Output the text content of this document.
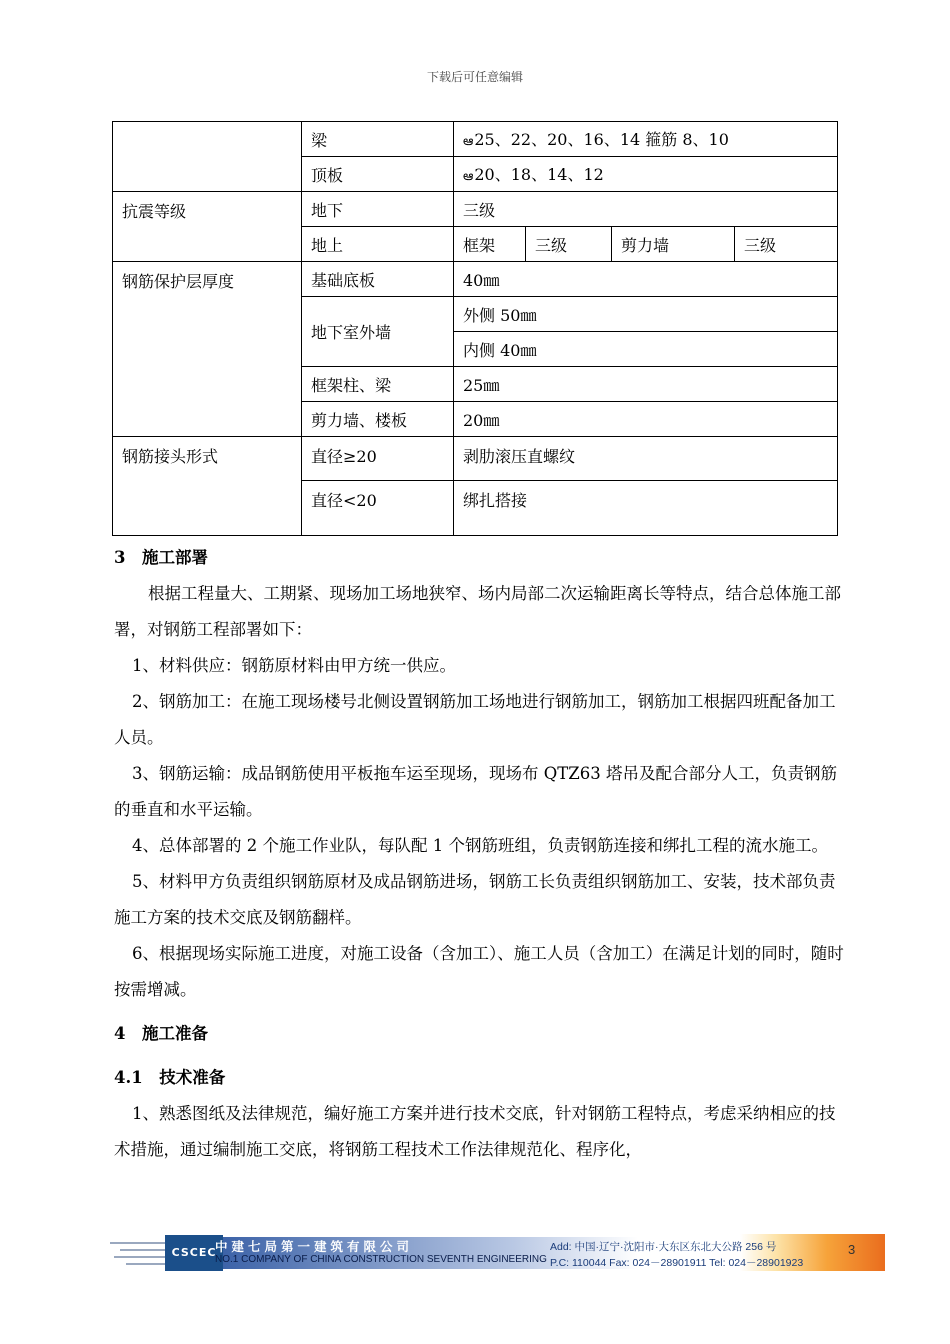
下载后可任意编辑
	梁	ఆ25、22、20、16、14 箍筋 8、10			
	顶板	ఆ20、18、14、12			
抗震等级	地下	三级			
	地上	框架	三级	剪力墙	三级
钢筋保护层厚度	基础底板	40㎜			
	地下室外墙	外侧 50㎜			
		内侧 40㎜			
	框架柱、梁	25㎜			
	剪力墙、楼板	20㎜			
钢筋接头形式	直径≥20	剥肋滚压直螺纹			
	直径<20	绑扎搭接			
3　施工部署

根据工程量大、工期紧、现场加工场地狭窄、场内局部二次运输距离长等特点，结合总体施工部署，对钢筋工程部署如下：

1、材料供应：钢筋原材料由甲方统一供应。

2、钢筋加工：在施工现场楼号北侧设置钢筋加工场地进行钢筋加工，钢筋加工根据四班配备加工人员。

3、钢筋运输：成品钢筋使用平板拖车运至现场，现场布 QTZ63 塔吊及配合部分人工，负责钢筋的垂直和水平运输。

4、总体部署的 2 个施工作业队，每队配 1 个钢筋班组，负责钢筋连接和绑扎工程的流水施工。

5、材料甲方负责组织钢筋原材及成品钢筋进场，钢筋工长负责组织钢筋加工、安装，技术部负责施工方案的技术交底及钢筋翻样。

6、根据现场实际施工进度，对施工设备（含加工）、施工人员（含加工）在满足计划的同时，随时按需增减。

4　施工准备
4.1　技术准备

1、熟悉图纸及法律规范，编好施工方案并进行技术交底，针对钢筋工程特点，考虑采纳相应的技术措施，通过编制施工交底，将钢筋工程技术工作法律规范化、程序化，

CSCEC
中建七局第一建筑有限公司
NO.1 COMPANY OF CHINA CONSTRUCTION SEVENTH ENGINEERING
Add: 中国·辽宁·沈阳市·大东区东北大公路 256 号
P.C: 110044 Fax: 024－28901911 Tel: 024－28901923
3
